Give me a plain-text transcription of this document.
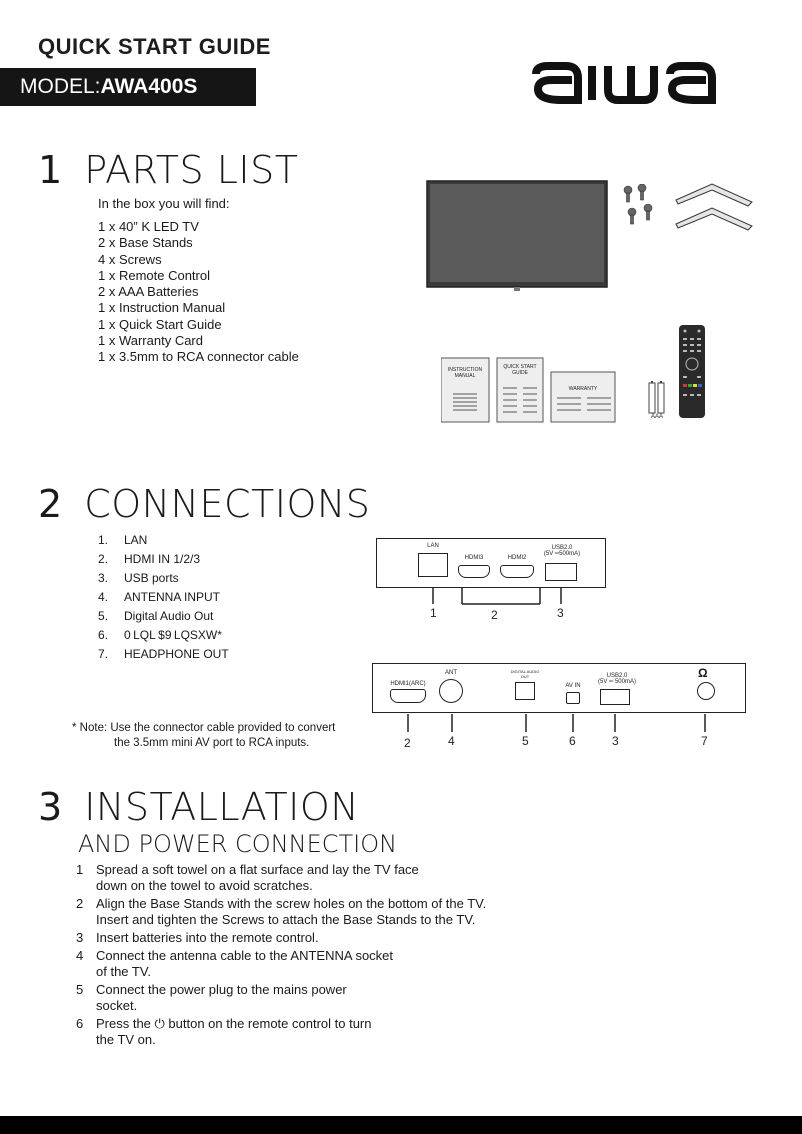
QUICK START GUIDE
MODEL:AWA400S
aiwa
1 PARTS LIST
In the box you will find:
1 x 40” K LED TV
2 x Base Stands
4 x Screws
1 x Remote Control
2 x AAA Batteries
1 x Instruction Manual
1 x Quick Start Guide
1 x Warranty Card
1 x 3.5mm to RCA connector cable
INSTRUCTION MANUAL
QUICK START GUIDE
WARRANTY
AAA
2 CONNECTIONS
1. LAN
2. HDMI IN 1/2/3
3. USB ports
4. ANTENNA INPUT
5. Digital Audio Out
6. 0 LQL $9 LQSXW*
7. HEADPHONE OUT
* Note: Use the connector cable provided to convert
the 3.5mm mini AV port to RCA inputs.
LAN
HDMI3	HDMI2
USB2.0
(5V ═500mA)
1	2	3
HDMI1(ARC)
ANT	DIGITAL AUDIO OUT
AV IN
USB2.0
(5V ═ 500mA)
Ω
2	4	5	6	3	7
3 INSTALLATION
AND POWER CONNECTION
1 Spread a soft towel on a flat surface and lay the TV face
down on the towel to avoid scratches.
2 Align the Base Stands with the screw holes on the bottom of the TV.
Insert and tighten the Screws to attach the Base Stands to the TV.
3 Insert batteries into the remote control.
4 Connect the antenna cable to the ANTENNA socket
of the TV.
5 Connect the power plug to the mains power
socket.
6 Press the ⏻ button on the remote control to turn
the TV on.
